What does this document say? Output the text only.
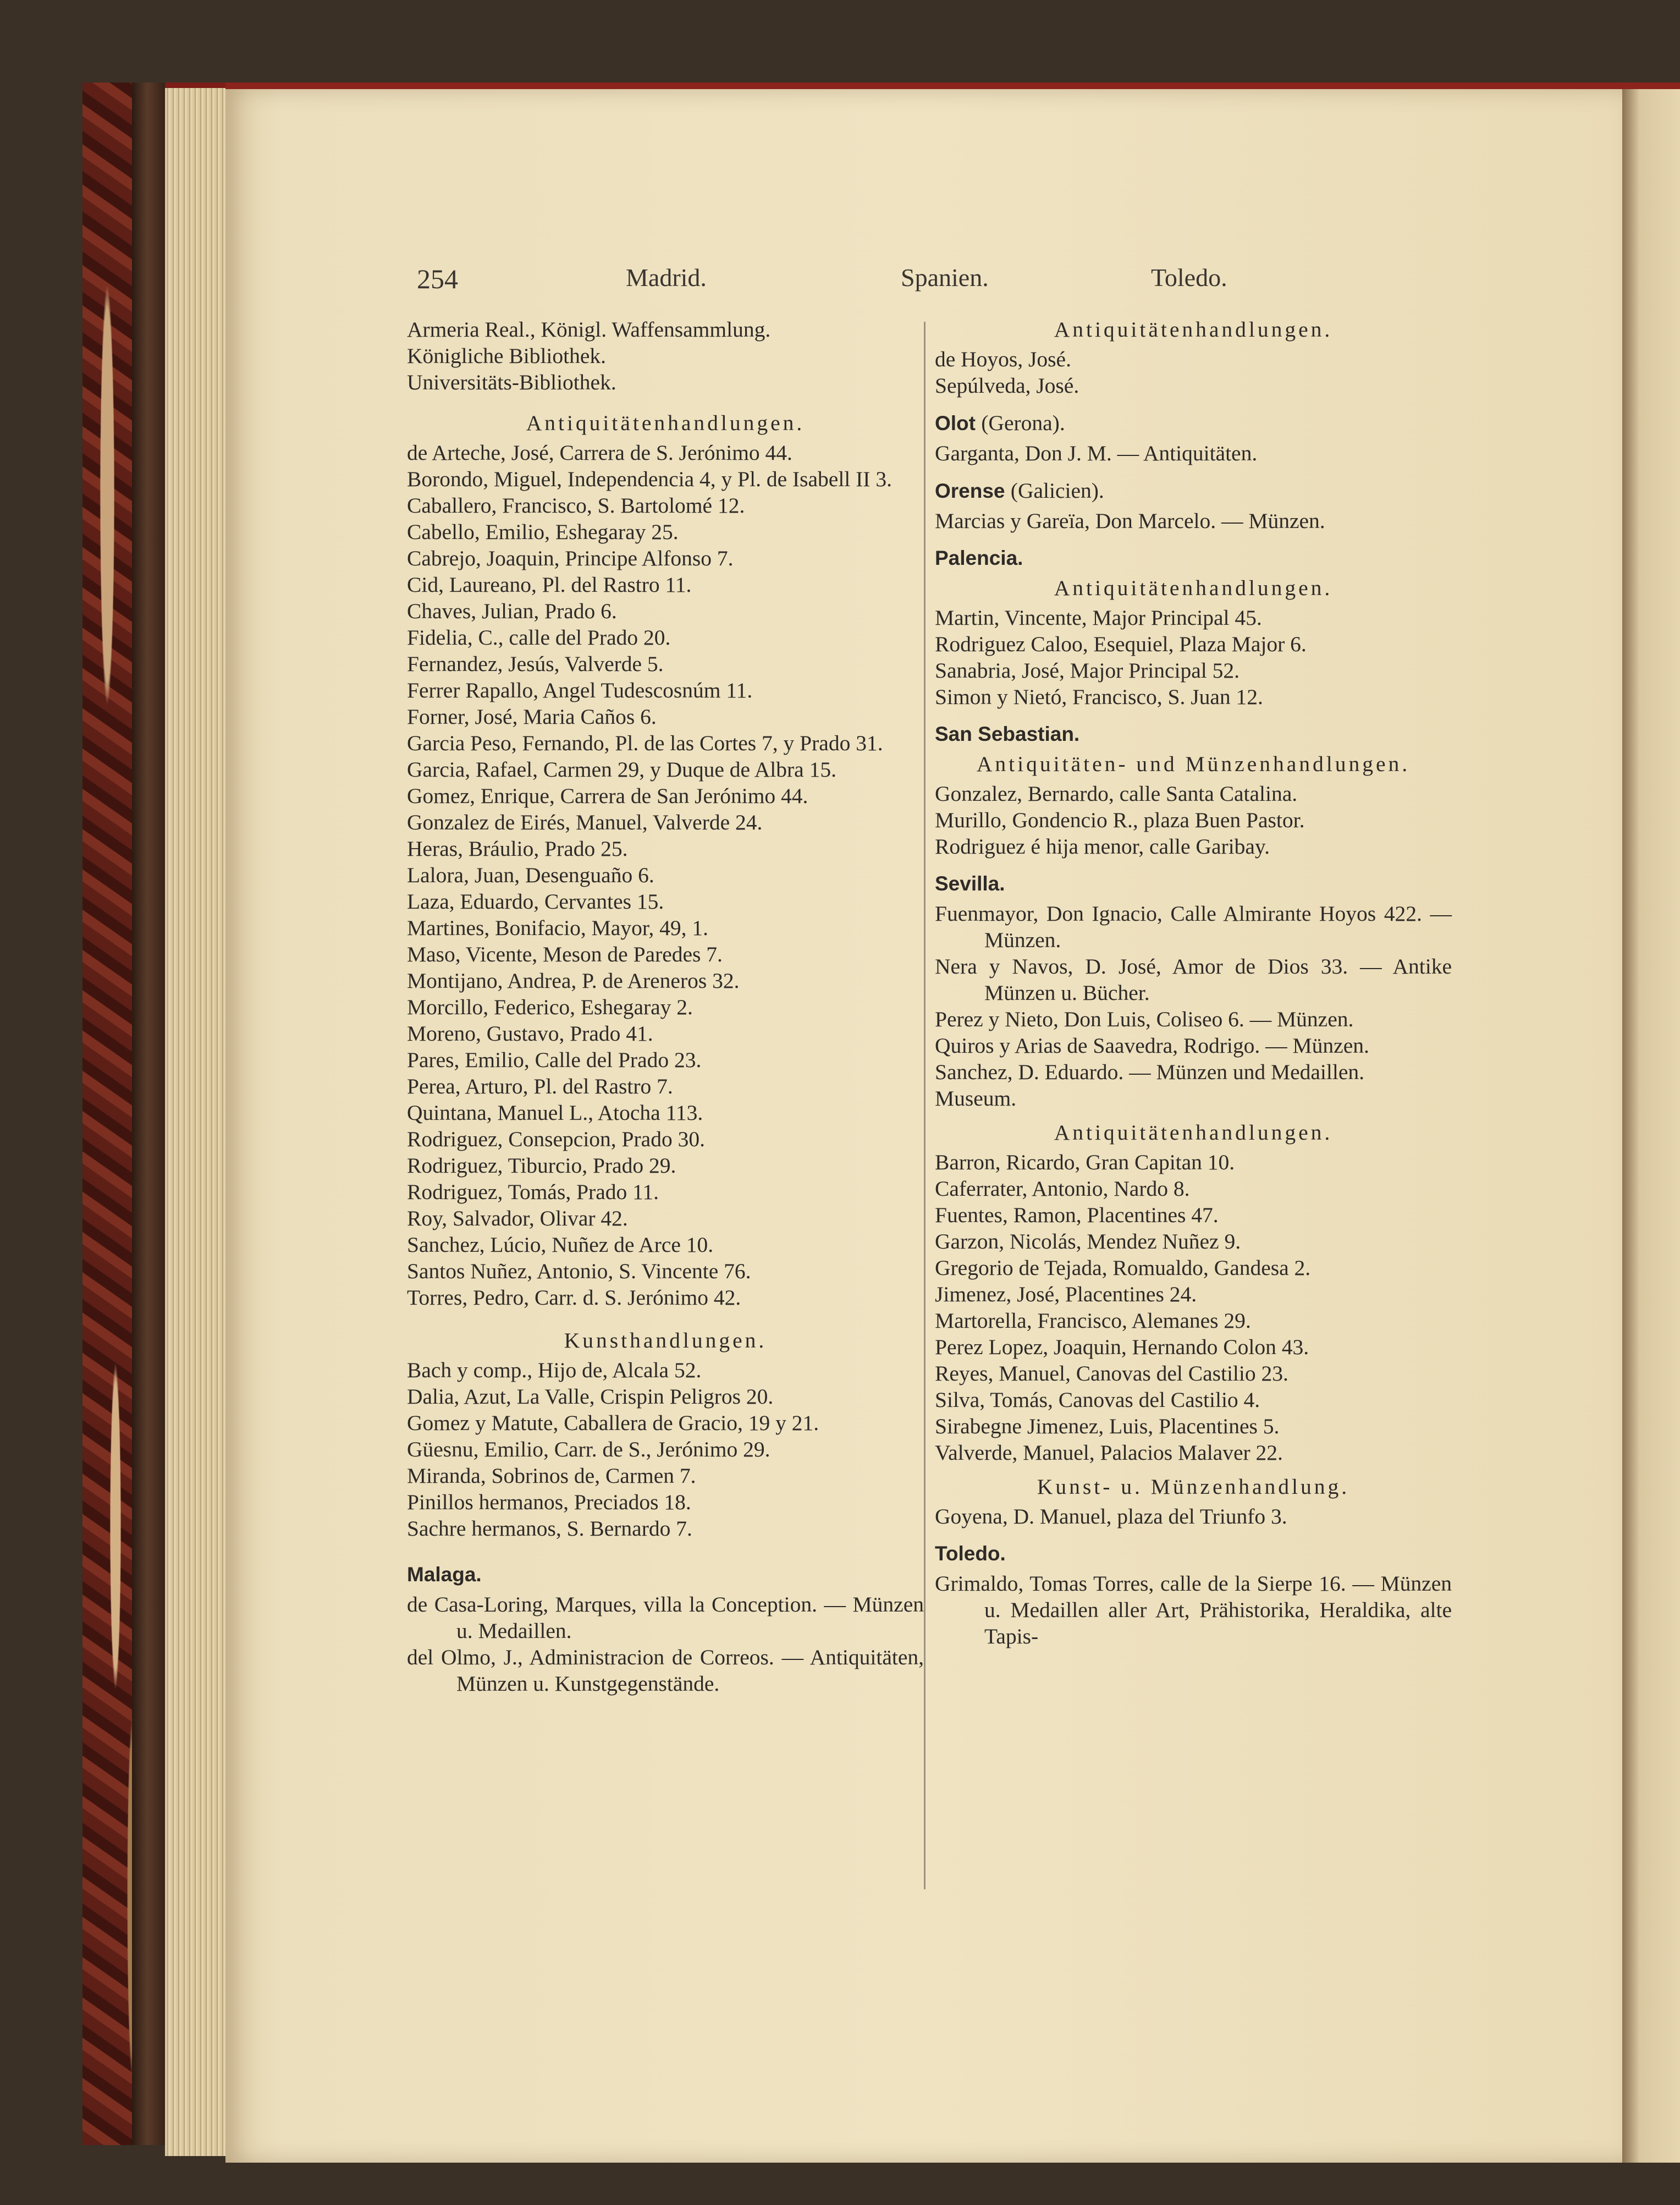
254	Madrid.	Spanien.	Toledo.
Armeria Real., Königl. Waffensammlung.
Königliche Bibliothek.
Universitäts-Bibliothek.
Antiquitätenhandlungen.
de Arteche, José, Carrera de S. Jerónimo 44.
Borondo, Miguel, Independencia 4, y Pl. de Isabell II 3.
Caballero, Francisco, S. Bartolomé 12.
Cabello, Emilio, Eshegaray 25.
Cabrejo, Joaquin, Principe Alfonso 7.
Cid, Laureano, Pl. del Rastro 11.
Chaves, Julian, Prado 6.
Fidelia, C., calle del Prado 20.
Fernandez, Jesús, Valverde 5.
Ferrer Rapallo, Angel Tudescosnúm 11.
Forner, José, Maria Caños 6.
Garcia Peso, Fernando, Pl. de las Cortes 7, y Prado 31.
Garcia, Rafael, Carmen 29, y Duque de Albra 15.
Gomez, Enrique, Carrera de San Jerónimo 44.
Gonzalez de Eirés, Manuel, Valverde 24.
Heras, Bráulio, Prado 25.
Lalora, Juan, Desenguaño 6.
Laza, Eduardo, Cervantes 15.
Martines, Bonifacio, Mayor, 49, 1.
Maso, Vicente, Meson de Paredes 7.
Montijano, Andrea, P. de Areneros 32.
Morcillo, Federico, Eshegaray 2.
Moreno, Gustavo, Prado 41.
Pares, Emilio, Calle del Prado 23.
Perea, Arturo, Pl. del Rastro 7.
Quintana, Manuel L., Atocha 113.
Rodriguez, Consepcion, Prado 30.
Rodriguez, Tiburcio, Prado 29.
Rodriguez, Tomás, Prado 11.
Roy, Salvador, Olivar 42.
Sanchez, Lúcio, Nuñez de Arce 10.
Santos Nuñez, Antonio, S. Vincente 76.
Torres, Pedro, Carr. d. S. Jerónimo 42.
Kunsthandlungen.
Bach y comp., Hijo de, Alcala 52.
Dalia, Azut, La Valle, Crispin Peligros 20.
Gomez y Matute, Caballera de Gracio, 19 y 21.
Güesnu, Emilio, Carr. de S., Jerónimo 29.
Miranda, Sobrinos de, Carmen 7.
Pinillos hermanos, Preciados 18.
Sachre hermanos, S. Bernardo 7.
Malaga.
de Casa-Loring, Marques, villa la Conception. — Münzen u. Medaillen.
del Olmo, J., Administracion de Correos. — Antiquitäten, Münzen u. Kunstgegenstände.
Antiquitätenhandlungen.
de Hoyos, José.
Sepúlveda, José.
Olot (Gerona).
Garganta, Don J. M. — Antiquitäten.
Orense (Galicien).
Marcias y Gareïa, Don Marcelo. — Münzen.
Palencia.
Antiquitätenhandlungen.
Martin, Vincente, Major Principal 45.
Rodriguez Caloo, Esequiel, Plaza Major 6.
Sanabria, José, Major Principal 52.
Simon y Nietó, Francisco, S. Juan 12.
San Sebastian.
Antiquitäten- und Münzenhandlungen.
Gonzalez, Bernardo, calle Santa Catalina.
Murillo, Gondencio R., plaza Buen Pastor.
Rodriguez é hija menor, calle Garibay.
Sevilla.
Fuenmayor, Don Ignacio, Calle Almirante Hoyos 422. — Münzen.
Nera y Navos, D. José, Amor de Dios 33. — Antike Münzen u. Bücher.
Perez y Nieto, Don Luis, Coliseo 6. — Münzen.
Quiros y Arias de Saavedra, Rodrigo. — Münzen.
Sanchez, D. Eduardo. — Münzen und Medaillen.
Museum.
Antiquitätenhandlungen.
Barron, Ricardo, Gran Capitan 10.
Caferrater, Antonio, Nardo 8.
Fuentes, Ramon, Placentines 47.
Garzon, Nicolás, Mendez Nuñez 9.
Gregorio de Tejada, Romualdo, Gandesa 2.
Jimenez, José, Placentines 24.
Martorella, Francisco, Alemanes 29.
Perez Lopez, Joaquin, Hernando Colon 43.
Reyes, Manuel, Canovas del Castilio 23.
Silva, Tomás, Canovas del Castilio 4.
Sirabegne Jimenez, Luis, Placentines 5.
Valverde, Manuel, Palacios Malaver 22.
Kunst- u. Münzenhandlung.
Goyena, D. Manuel, plaza del Triunfo 3.
Toledo.
Grimaldo, Tomas Torres, calle de la Sierpe 16. — Münzen u. Medaillen aller Art, Prähistorika, Heraldika, alte Tapis-
